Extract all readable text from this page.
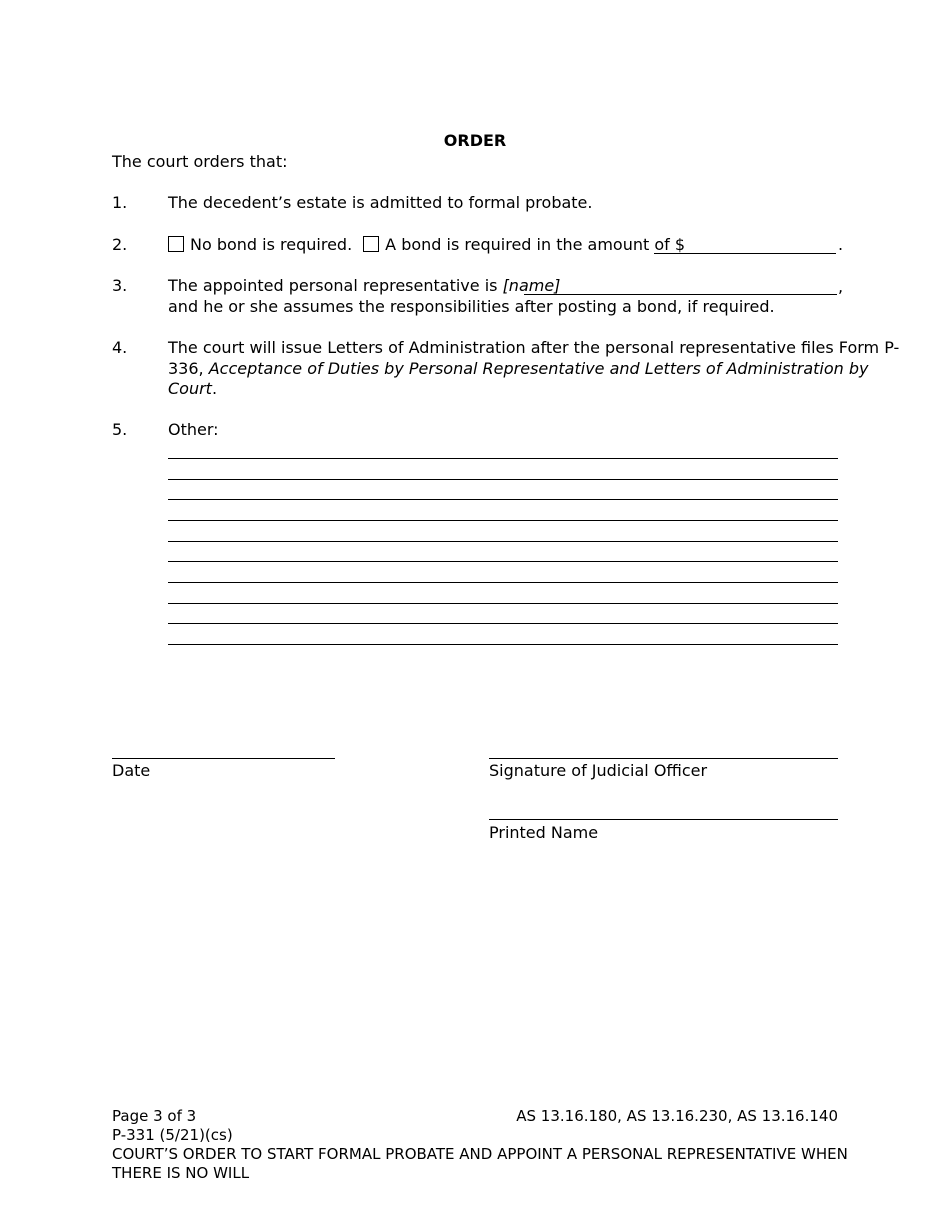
ORDER
The court orders that:
1.	The decedent’s estate is admitted to formal probate.
2.	No bond is required. A bond is required in the amount of $	.
3.	The appointed personal representative is [name]	,
and he or she assumes the responsibilities after posting a bond, if required.
4.	The court will issue Letters of Administration after the personal representative files Form P-
336, Acceptance of Duties by Personal Representative and Letters of Administration by
Court.
5.	Other:
Date	Signature of Judicial Officer
Printed Name
Page 3 of 3	AS 13.16.180, AS 13.16.230, AS 13.16.140
P-331 (5/21)(cs)
COURT’S ORDER TO START FORMAL PROBATE AND APPOINT A PERSONAL REPRESENTATIVE WHEN
THERE IS NO WILL
